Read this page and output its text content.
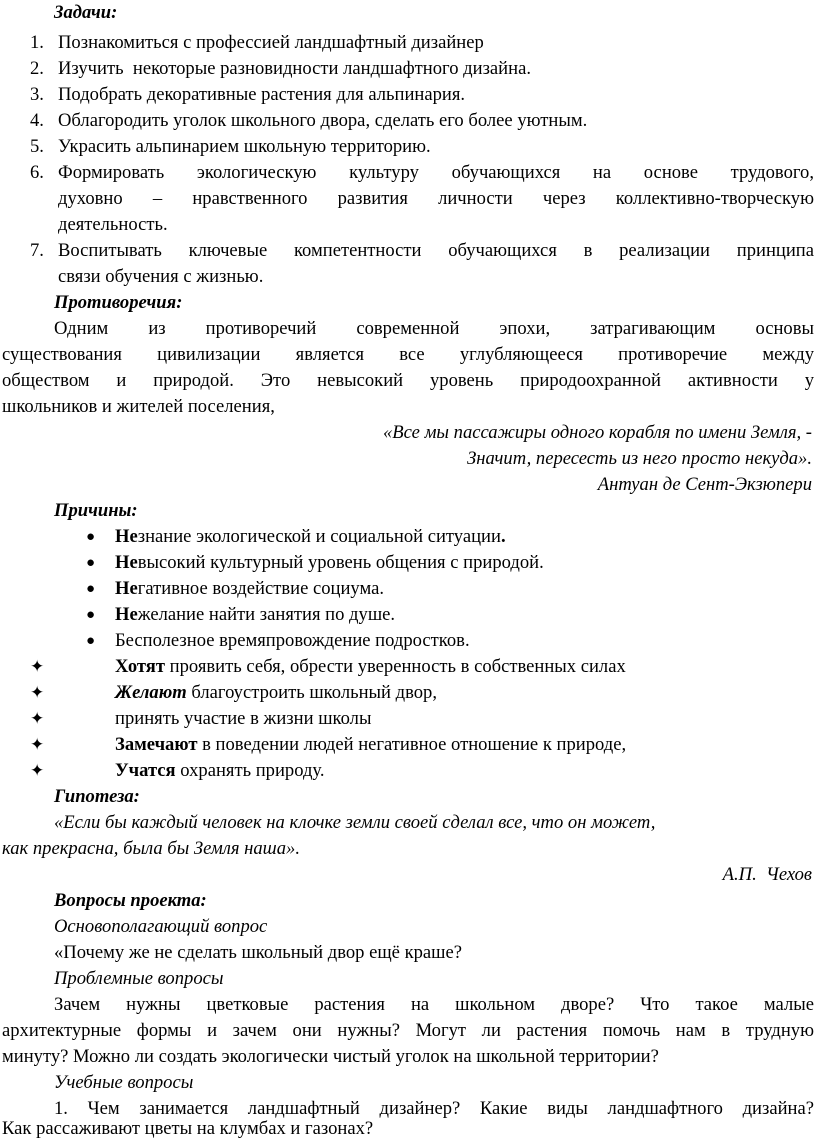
Задачи:
1. Познакомиться с профессией ландшафтный дизайнер
2. Изучить  некоторые разновидности ландшафтного дизайна.
3. Подобрать декоративные растения для альпинария.
4. Облагородить уголок школьного двора, сделать его более уютным.
5. Украсить альпинарием школьную территорию.
6. Формировать экологическую культуру обучающихся на основе трудового,
духовно – нравственного развития личности через коллективно-творческую
деятельность.
7. Воспитывать ключевые компетентности обучающихся в реализации принципа
связи обучения с жизнью.
Противоречия:
Одним из противоречий современной эпохи, затрагивающим основы
существования цивилизации является все углубляющееся противоречие между
обществом и природой. Это невысокий уровень природоохранной активности у
школьников и жителей поселения,
«Все мы пассажиры одного корабля по имени Земля, -
Значит, пересесть из него просто некуда».
Антуан де Сент-Экзюпери
Причины:
● Незнание экологической и социальной ситуации.
● Невысокий культурный уровень общения с природой.
● Негативное воздействие социума.
● Нежелание найти занятия по душе.
● Бесполезное времяпровождение подростков.
✦	Хотят проявить себя, обрести уверенность в собственных силах
✦	Желают благоустроить школьный двор,
✦	принять участие в жизни школы
✦	Замечают в поведении людей негативное отношение к природе,
✦	Учатся охранять природу.
Гипотеза:
«Если бы каждый человек на клочке земли своей сделал все, что он может,
как прекрасна, была бы Земля наша».
А.П.  Чехов
Вопросы проекта:
Основополагающий вопрос
«Почему же не сделать школьный двор ещё краше?
Проблемные вопросы
Зачем нужны цветковые растения на школьном дворе? Что такое малые
архитектурные формы и зачем они нужны? Могут ли растения помочь нам в трудную
минуту? Можно ли создать экологически чистый уголок на школьной территории?
Учебные вопросы
1. Чем занимается ландшафтный дизайнер? Какие виды ландшафтного дизайна?
Как рассаживают цветы на клумбах и газонах?
